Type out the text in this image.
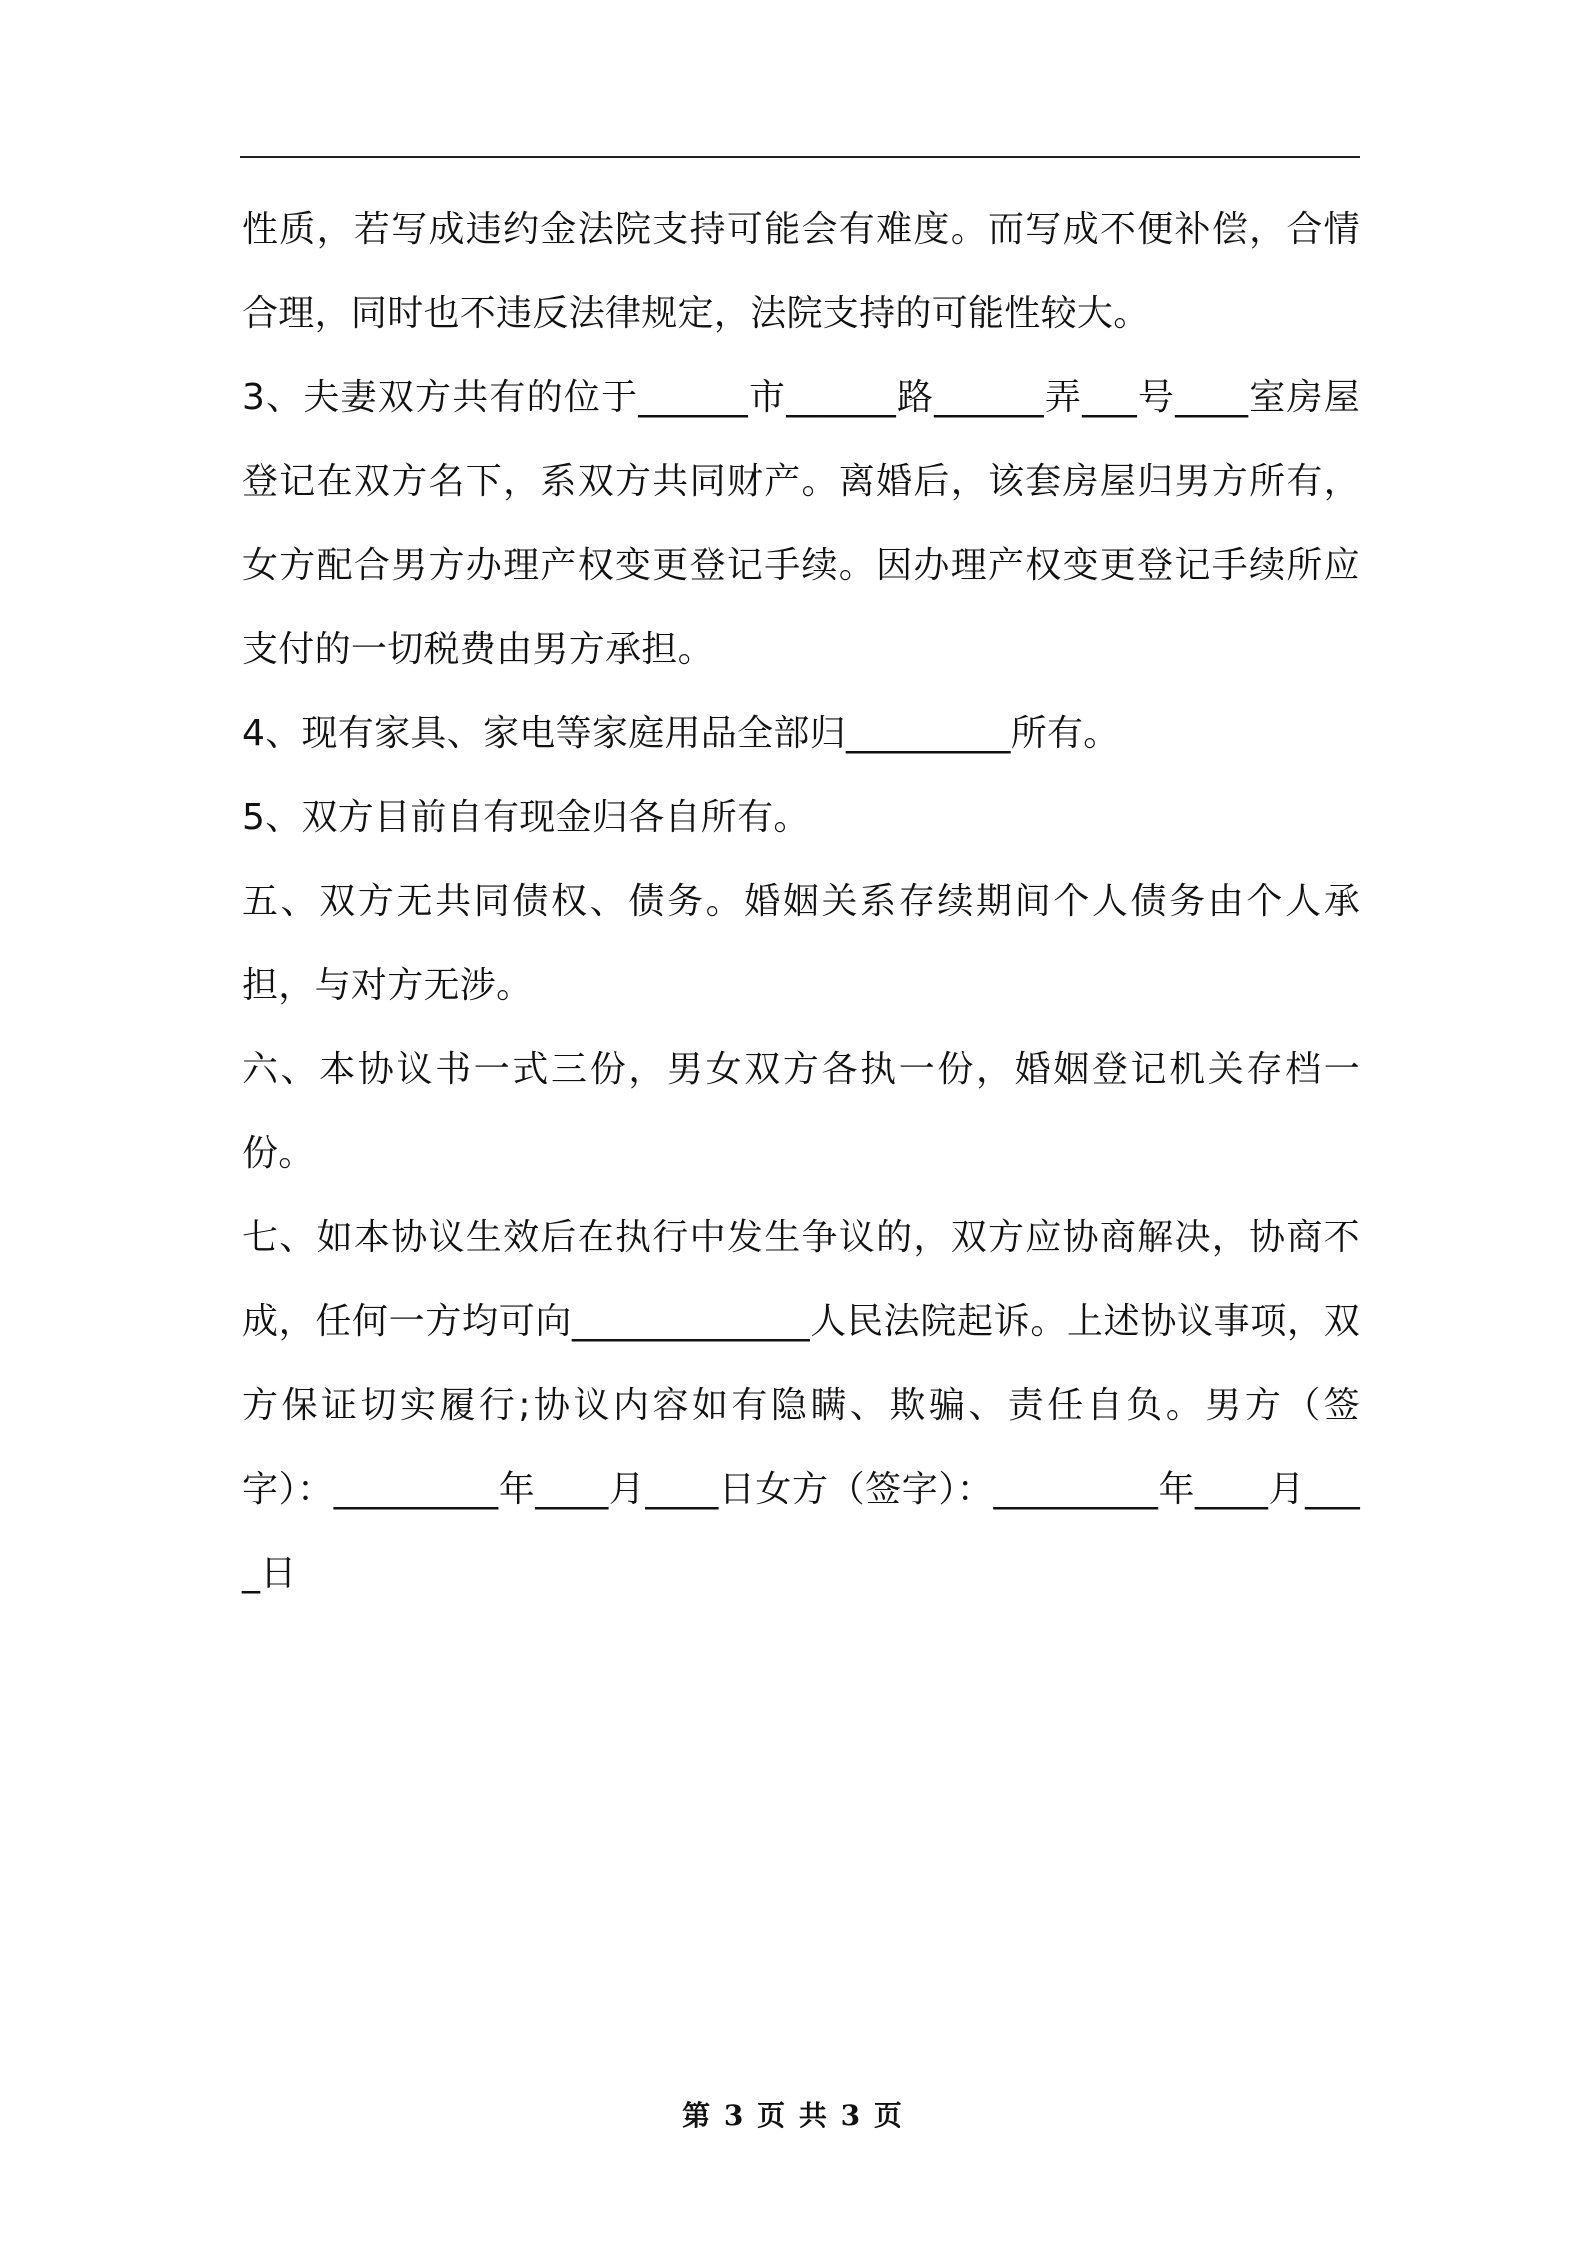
性质，若写成违约金法院支持可能会有难度。而写成不便补偿，合情合理，同时也不违反法律规定，法院支持的可能性较大。

3、夫妻双方共有的位于______市______路______弄___号____室房屋登记在双方名下，系双方共同财产。离婚后，该套房屋归男方所有，女方配合男方办理产权变更登记手续。因办理产权变更登记手续所应支付的一切税费由男方承担。

4、现有家具、家电等家庭用品全部归_________所有。

5、双方目前自有现金归各自所有。

五、双方无共同债权、债务。婚姻关系存续期间个人债务由个人承担，与对方无涉。

六、本协议书一式三份，男女双方各执一份，婚姻登记机关存档一份。

七、如本协议生效后在执行中发生争议的，双方应协商解决，协商不成，任何一方均可向_____________人民法院起诉。上述协议事项，双方保证切实履行;协议内容如有隐瞒、欺骗、责任自负。男方（签字）：_________年____月____日女方（签字）：_________年____月____日

第 3 页 共 3 页
